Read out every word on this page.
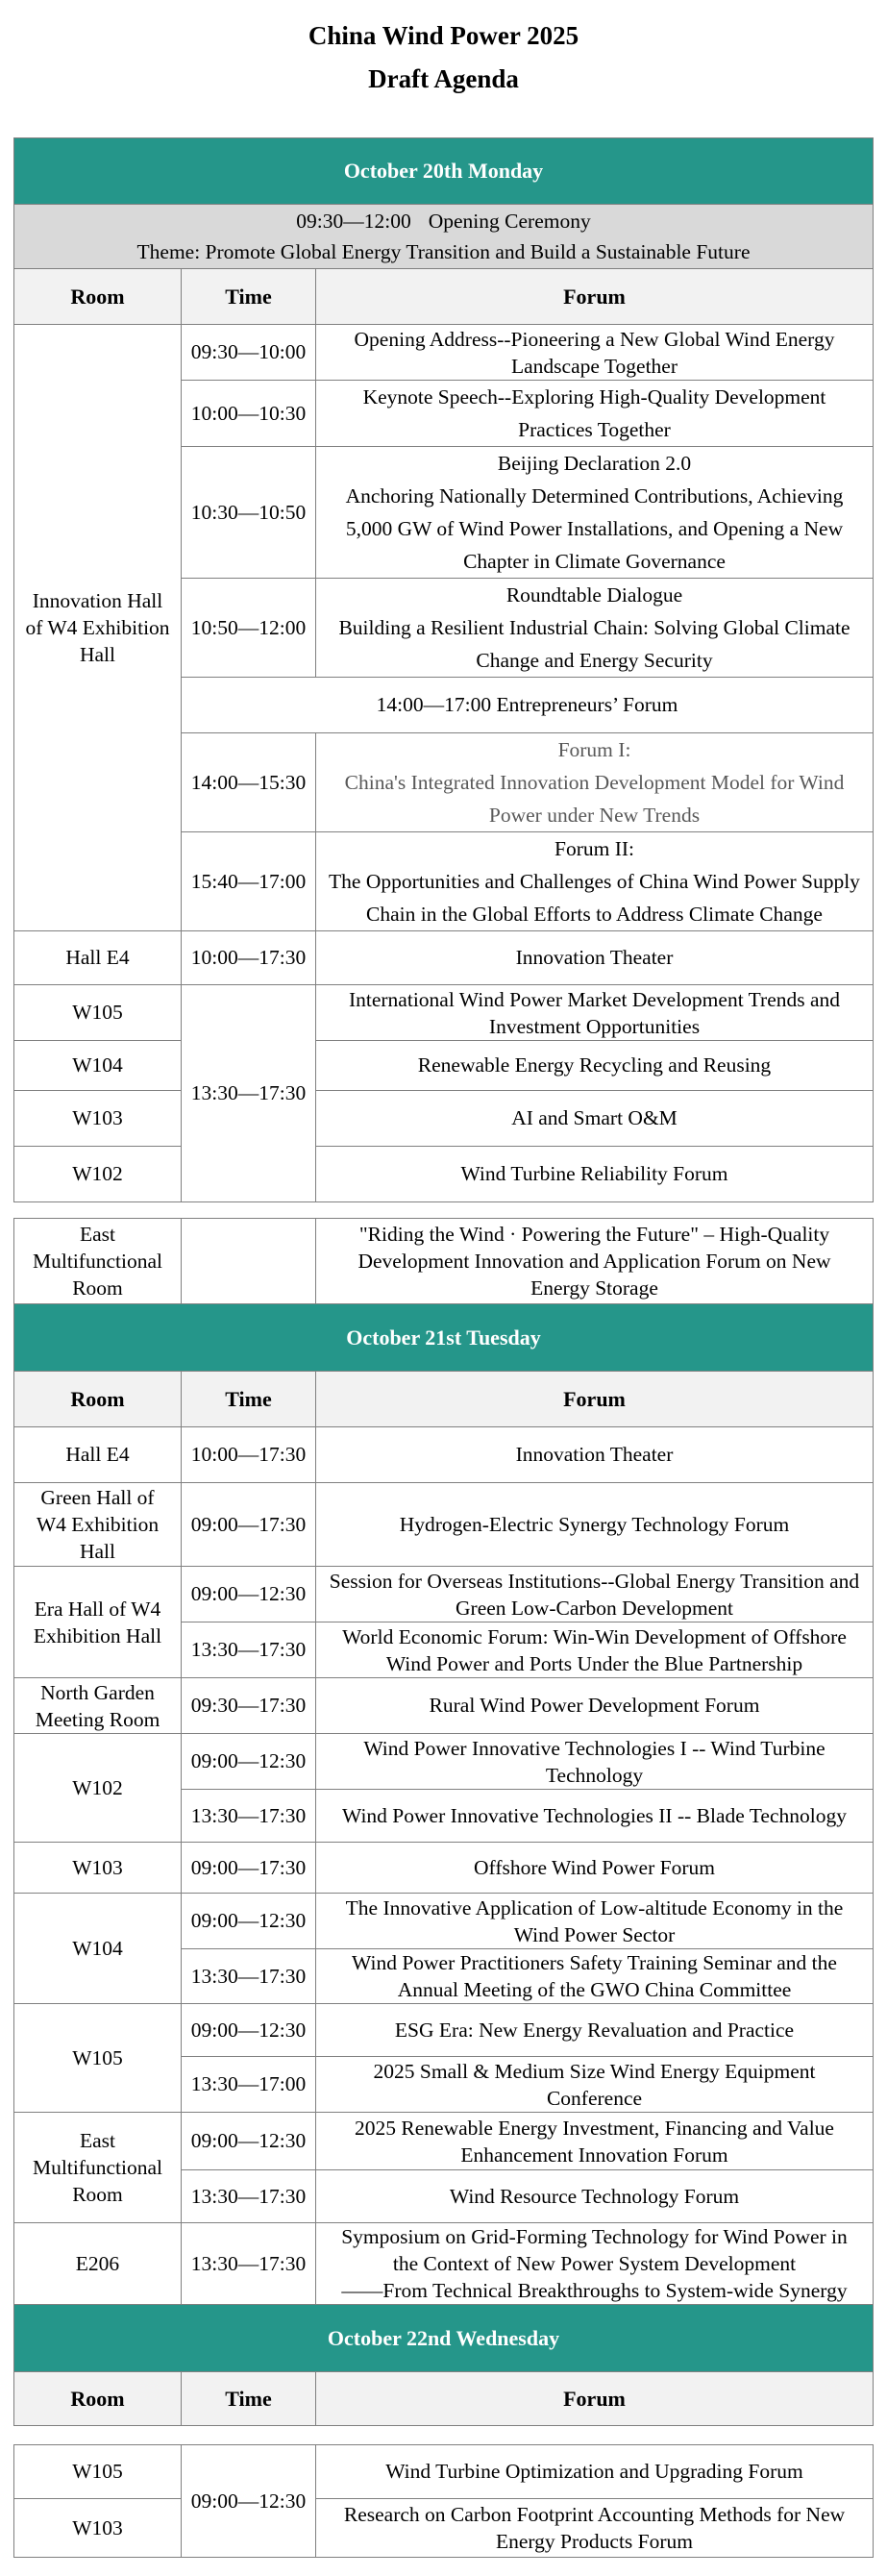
China Wind Power 2025
Draft Agenda
October 20th Monday		

09:30—12:00 Opening Ceremony
Theme: Promote Global Energy Transition and Build a Sustainable Future		

Room	Time	Forum

Innovation Hall
of W4 Exhibition
Hall	09:30—10:00	Opening Address--Pioneering a New Global Wind Energy
Landscape Together

	10:00—10:30	Keynote Speech--Exploring High-Quality Development
Practices Together

	10:30—10:50	Beijing Declaration 2.0
Anchoring Nationally Determined Contributions, Achieving
5,000 GW of Wind Power Installations, and Opening a New
Chapter in Climate Governance

	10:50—12:00	Roundtable Dialogue
Building a Resilient Industrial Chain: Solving Global Climate
Change and Energy Security

	14:00—17:00 Entrepreneurs’ Forum	
	14:00—15:30	Forum I:
China's Integrated Innovation Development Model for Wind
Power under New Trends

	15:40—17:00	Forum II:
The Opportunities and Challenges of China Wind Power Supply
Chain in the Global Efforts to Address Climate Change

Hall E4	10:00—17:30	Innovation Theater
W105	13:30—17:30	International Wind Power Market Development Trends and
Investment Opportunities

W104		Renewable Energy Recycling and Reusing
W103		AI and Smart O&M
W102		Wind Turbine Reliability Forum
East
Multifunctional
Room		"Riding the Wind · Powering the Future" – High-Quality
Development Innovation and Application Forum on New
Energy Storage

October 21st Tuesday		
Room	Time	Forum
Hall E4	10:00—17:30	Innovation Theater

Green Hall of
W4 Exhibition
Hall	09:00—17:30	Hydrogen-Electric Synergy Technology Forum

Era Hall of W4
Exhibition Hall	09:00—12:30	Session for Overseas Institutions--Global Energy Transition and
Green Low-Carbon Development

	13:30—17:30	World Economic Forum: Win-Win Development of Offshore
Wind Power and Ports Under the Blue Partnership

North Garden
Meeting Room	09:30—17:30	Rural Wind Power Development Forum
W102	09:00—12:30	Wind Power Innovative Technologies I -- Wind Turbine
Technology

	13:30—17:30	Wind Power Innovative Technologies II -- Blade Technology
W103	09:00—17:30	Offshore Wind Power Forum
W104	09:00—12:30	The Innovative Application of Low-altitude Economy in the
Wind Power Sector

	13:30—17:30	Wind Power Practitioners Safety Training Seminar and the
Annual Meeting of the GWO China Committee

W105	09:00—12:30	ESG Era: New Energy Revaluation and Practice
	13:30—17:00	2025 Small & Medium Size Wind Energy Equipment
Conference

East
Multifunctional
Room	09:00—12:30	2025 Renewable Energy Investment, Financing and Value
Enhancement Innovation Forum

	13:30—17:30	Wind Resource Technology Forum
E206	13:30—17:30	Symposium on Grid-Forming Technology for Wind Power in
the Context of New Power System Development
——From Technical Breakthroughs to System-wide Synergy

October 22nd Wednesday		
Room	Time	Forum
W105	09:00—12:30	Wind Turbine Optimization and Upgrading Forum
W103		Research on Carbon Footprint Accounting Methods for New
Energy Products Forum
